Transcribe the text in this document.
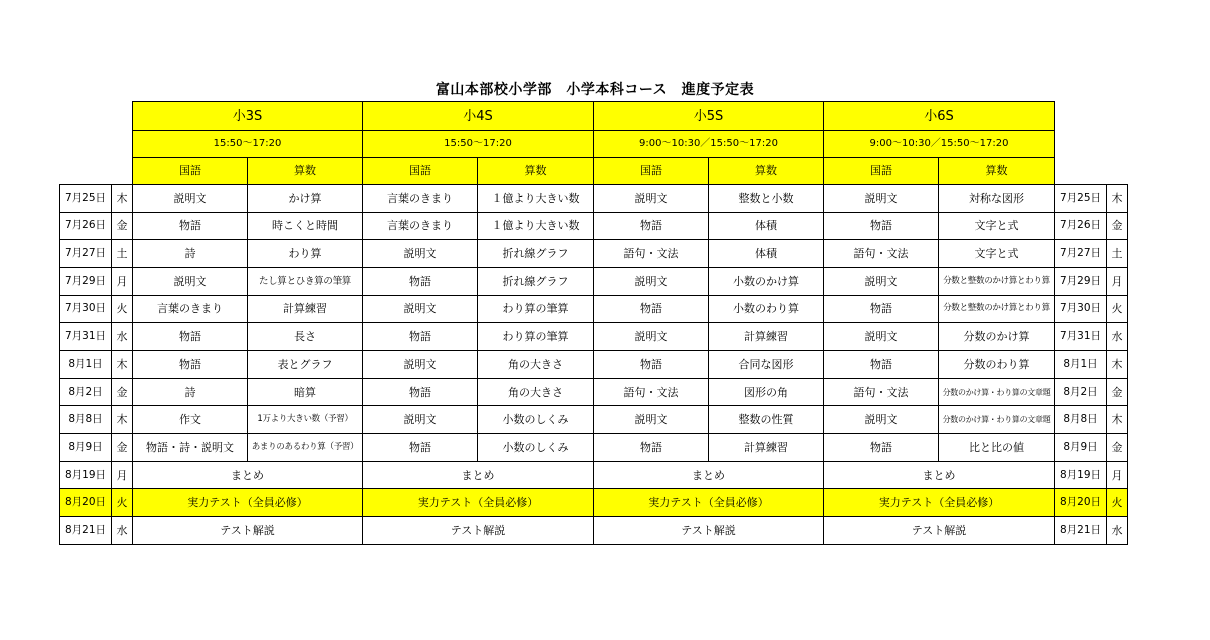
富山本部校小学部　小学本科コース　進度予定表
		小3S		小4S		小5S		小6S			
		15:50～17:20		15:50～17:20		9:00～10:30／15:50～17:20		9:00～10:30／15:50～17:20			
		国語	算数	国語	算数	国語	算数	国語	算数		
7月25日	木	説明文	かけ算	言葉のきまり	１億より大きい数	説明文	整数と小数	説明文	対称な図形	7月25日	木
7月26日	金	物語	時こくと時間	言葉のきまり	１億より大きい数	物語	体積	物語	文字と式	7月26日	金
7月27日	土	詩	わり算	説明文	折れ線グラフ	語句・文法	体積	語句・文法	文字と式	7月27日	土
7月29日	月	説明文	たし算とひき算の筆算	物語	折れ線グラフ	説明文	小数のかけ算	説明文	分数と整数のかけ算とわり算	7月29日	月
7月30日	火	言葉のきまり	計算練習	説明文	わり算の筆算	物語	小数のわり算	物語	分数と整数のかけ算とわり算	7月30日	火
7月31日	水	物語	長さ	物語	わり算の筆算	説明文	計算練習	説明文	分数のかけ算	7月31日	水
8月1日	木	物語	表とグラフ	説明文	角の大きさ	物語	合同な図形	物語	分数のわり算	8月1日	木
8月2日	金	詩	暗算	物語	角の大きさ	語句・文法	図形の角	語句・文法	分数のかけ算・わり算の文章題	8月2日	金
8月8日	木	作文	1万より大きい数（予習）	説明文	小数のしくみ	説明文	整数の性質	説明文	分数のかけ算・わり算の文章題	8月8日	木
8月9日	金	物語・詩・説明文	あまりのあるわり算（予習）	物語	小数のしくみ	物語	計算練習	物語	比と比の値	8月9日	金
8月19日	月	まとめ		まとめ		まとめ		まとめ		8月19日	月
8月20日	火	実力テスト（全員必修）		実力テスト（全員必修）		実力テスト（全員必修）		実力テスト（全員必修）		8月20日	火
8月21日	水	テスト解説		テスト解説		テスト解説		テスト解説		8月21日	水
